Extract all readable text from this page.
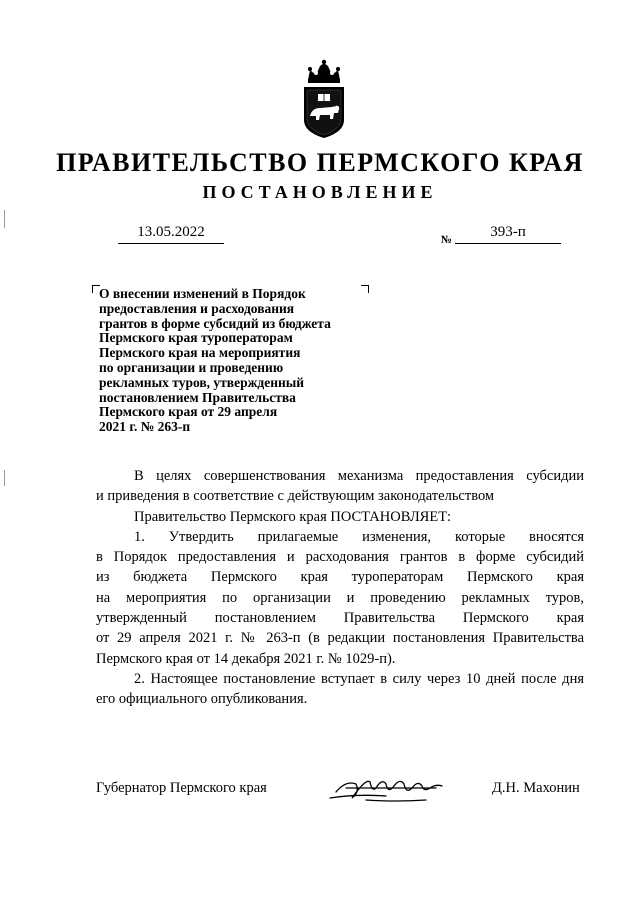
ПРАВИТЕЛЬСТВО ПЕРМСКОГО КРАЯ
ПОСТАНОВЛЕНИЕ
13.05.2022	№	393-п
О внесении изменений в Порядок
предоставления и расходования
грантов в форме субсидий из бюджета
Пермского края туроператорам
Пермского края на мероприятия
по организации и проведению
рекламных туров, утвержденный
постановлением Правительства
Пермского края от 29 апреля
2021 г. № 263-п
В целях совершенствования механизма предоставления субсидии
и приведения в соответствие с действующим законодательством
Правительство Пермского края ПОСТАНОВЛЯЕТ:
1. Утвердить прилагаемые изменения, которые вносятся
в Порядок предоставления и расходования грантов в форме субсидий
из бюджета Пермского края туроператорам Пермского края
на мероприятия по организации и проведению рекламных туров,
утвержденный постановлением Правительства Пермского края
от 29 апреля 2021 г. № 263-п (в редакции постановления Правительства
Пермского края от 14 декабря 2021 г. № 1029-п).
2. Настоящее постановление вступает в силу через 10 дней после дня
его официального опубликования.
Губернатор Пермского края	Д.Н. Махонин
